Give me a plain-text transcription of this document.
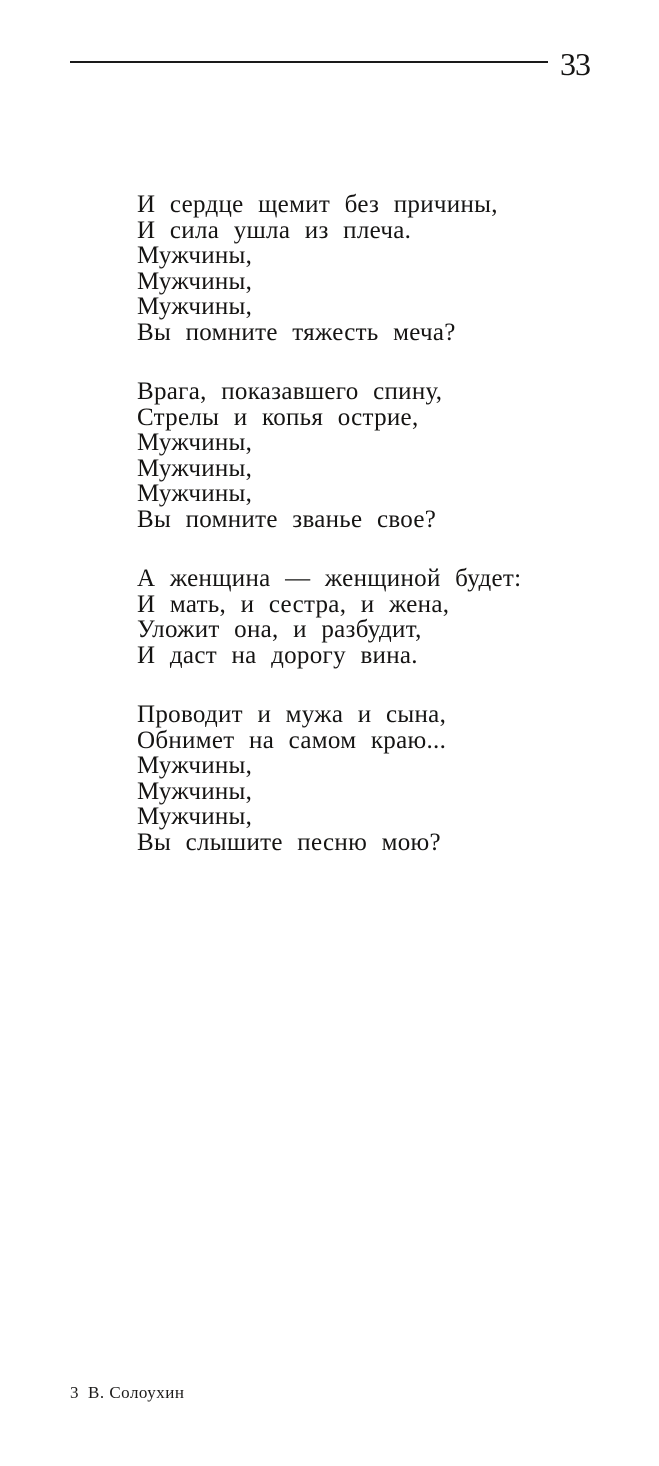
33
И сердце щемит без причины,
И сила ушла из плеча.
Мужчины,
Мужчины,
Мужчины,
Вы помните тяжесть меча?
Врага, показавшего спину,
Стрелы и копья острие,
Мужчины,
Мужчины,
Мужчины,
Вы помните званье свое?
А женщина — женщиной будет:
И мать, и сестра, и жена,
Уложит она, и разбудит,
И даст на дорогу вина.
Проводит и мужа и сына,
Обнимет на самом краю...
Мужчины,
Мужчины,
Мужчины,
Вы слышите песню мою?
3 В. Солоухин
